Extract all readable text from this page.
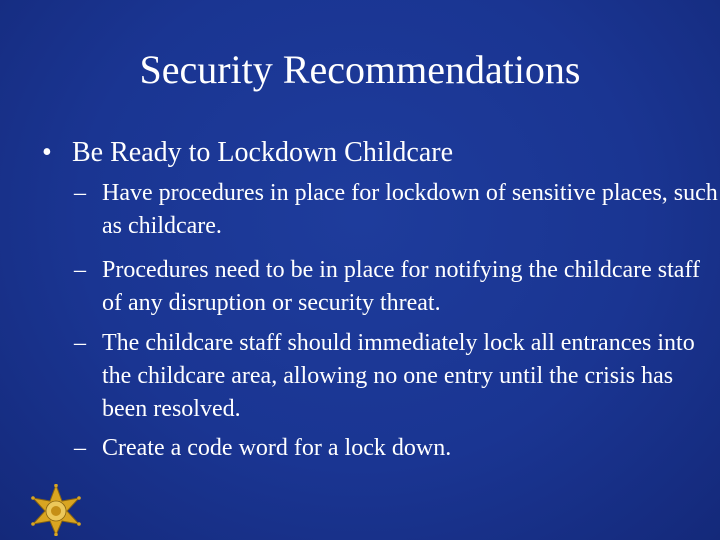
Security Recommendations
• Be Ready to Lockdown Childcare
– Have procedures in place for lockdown of sensitive places, such as childcare.
– Procedures need to be in place for notifying the childcare staff of any disruption or security threat.
– The childcare staff should immediately lock all entrances into the childcare area, allowing no one entry until the crisis has been resolved.
– Create a code word for a lock down.
